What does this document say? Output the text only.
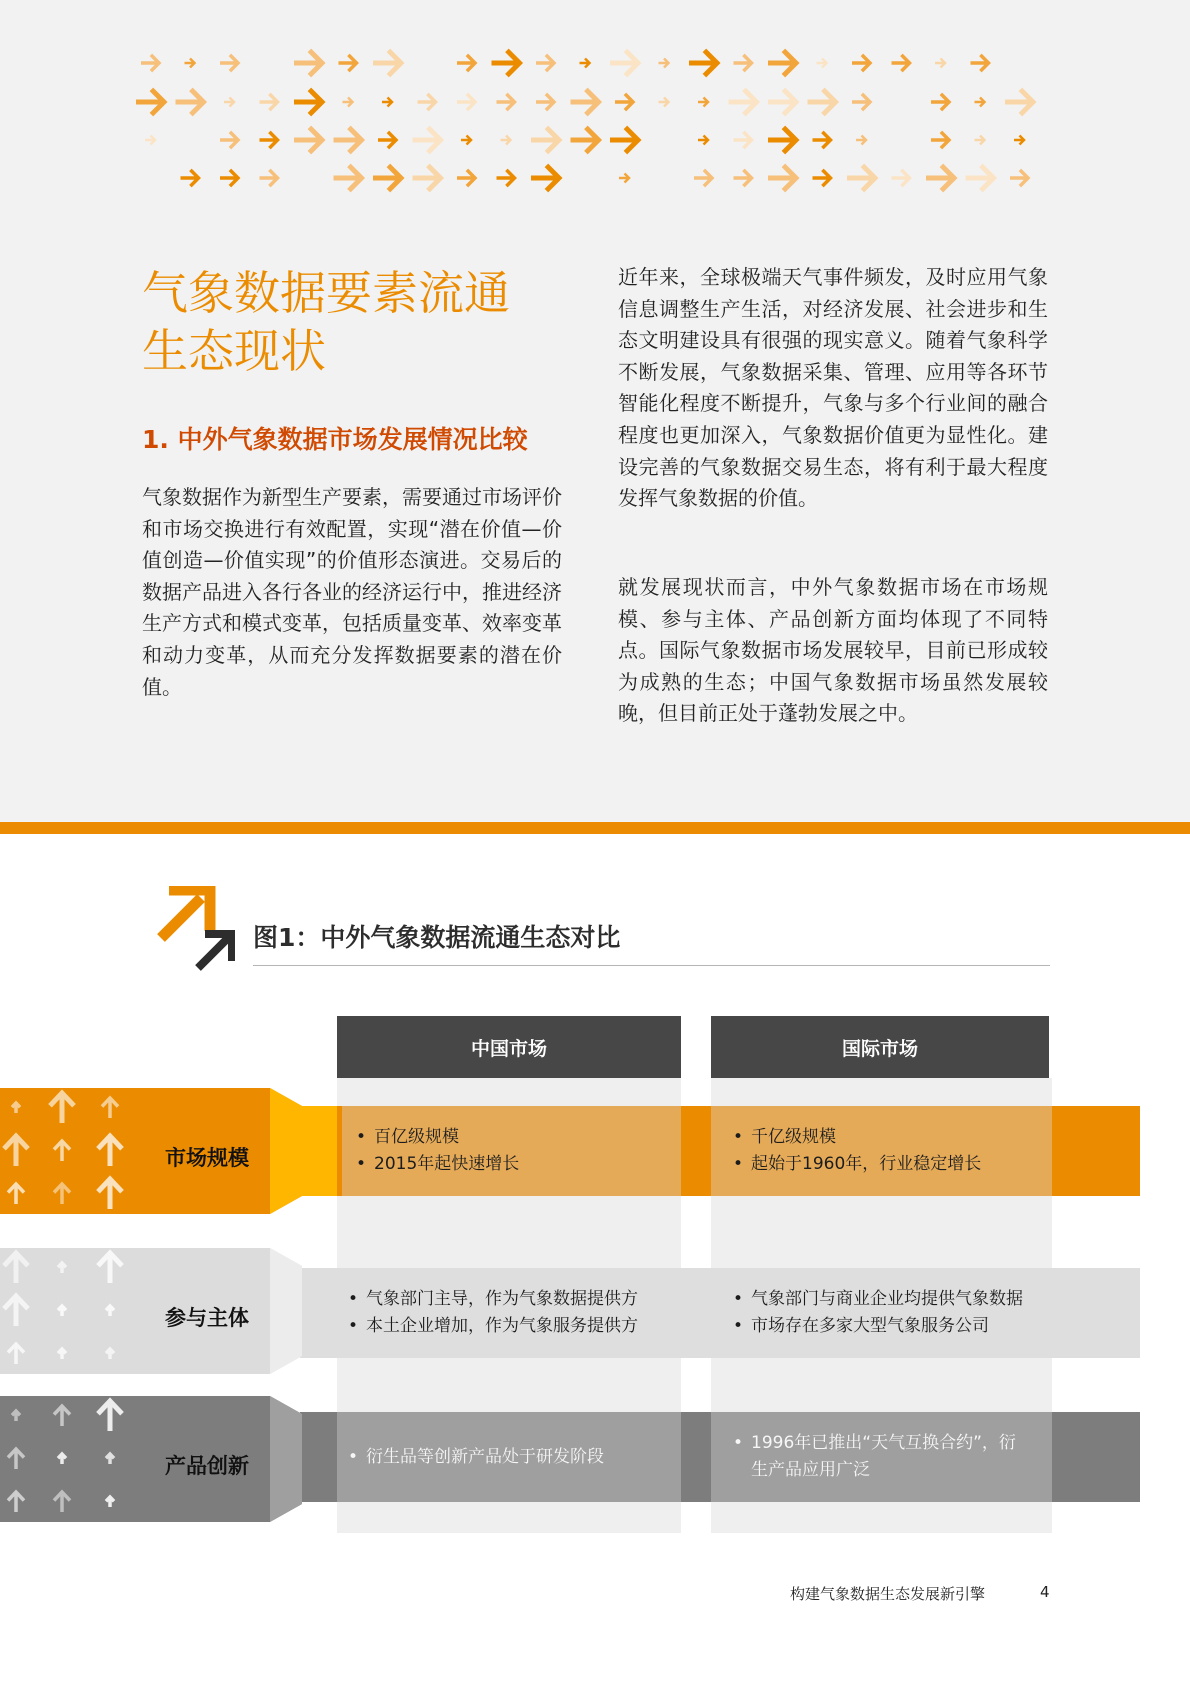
气象数据要素流通
生态现状
1. 中外气象数据市场发展情况比较
气象数据作为新型生产要素，需要通过市场评价和市场交换进行有效配置，实现“潜在价值—价值创造—价值实现”的价值形态演进。交易后的数据产品进入各行各业的经济运行中，推进经济生产方式和模式变革，包括质量变革、效率变革和动力变革，从而充分发挥数据要素的潜在价值。
近年来，全球极端天气事件频发，及时应用气象信息调整生产生活，对经济发展、社会进步和生态文明建设具有很强的现实意义。随着气象科学不断发展，气象数据采集、管理、应用等各环节智能化程度不断提升，气象与多个行业间的融合程度也更加深入，气象数据价值更为显性化。建设完善的气象数据交易生态，将有利于最大程度发挥气象数据的价值。
就发展现状而言，中外气象数据市场在市场规模、参与主体、产品创新方面均体现了不同特点。国际气象数据市场发展较早，目前已形成较为成熟的生态；中国气象数据市场虽然发展较晚，但目前正处于蓬勃发展之中。
图1：中外气象数据流通生态对比
中国市场	国际市场
• 百亿级规模
• 2015年起快速增长
• 千亿级规模
• 起始于1960年，行业稳定增长
• 气象部门主导，作为气象数据提供方
• 本土企业增加，作为气象服务提供方
• 气象部门与商业企业均提供气象数据
• 市场存在多家大型气象服务公司
• 衍生品等创新产品处于研发阶段
• 1996年已推出“天气互换合约”，衍生产品应用广泛
市场规模
参与主体
产品创新
构建气象数据生态发展新引擎	4
